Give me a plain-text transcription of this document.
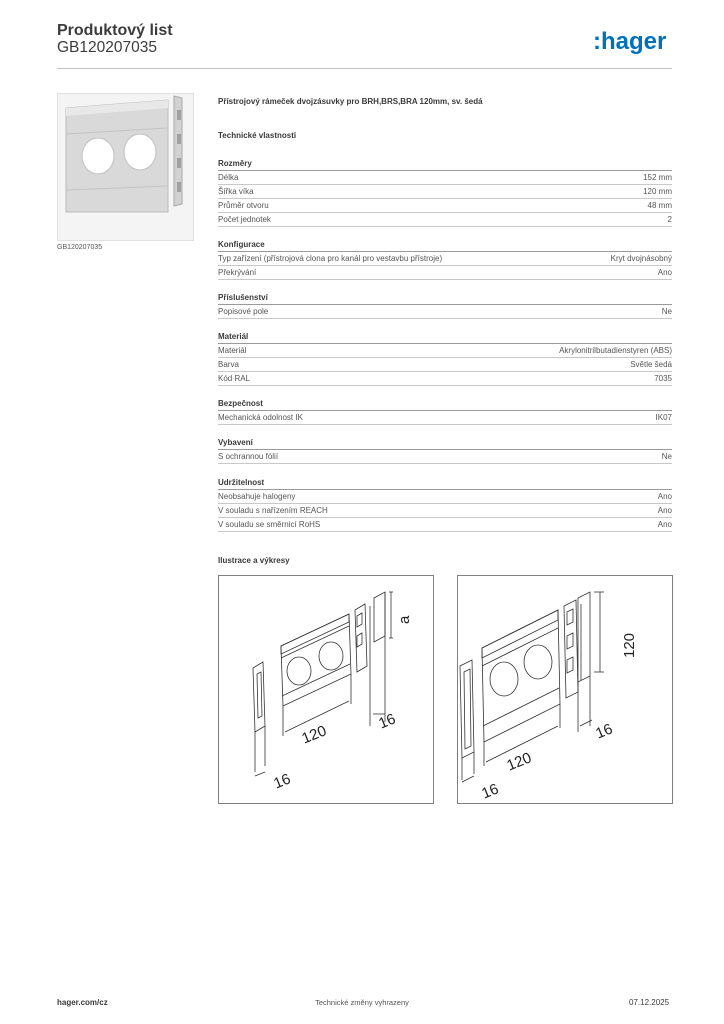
Produktový list
GB120207035	:hager
GB120207035
Přístrojový rámeček dvojzásuvky pro BRH,BRS,BRA 120mm, sv. šedá
Technické vlastnosti
Rozměry
Délka	152 mm
Šířka víka	120 mm
Průměr otvoru	48 mm
Počet jednotek	2
Konfigurace
Typ zařízení (přístrojová clona pro kanál pro vestavbu přístroje)	Kryt dvojnásobný
Překrývání	Ano
Příslušenství
Popisové pole	Ne
Materiál
Materiál	Akrylonitrilbutadienstyren (ABS)
Barva	Světle šedá
Kód RAL	7035
Bezpečnost
Mechanická odolnost IK	IK07
Vybavení
S ochrannou fólií	Ne
Udržitelnost
Neobsahuje halogeny	Ano
V souladu s nařízením REACH	Ano
V souladu se směrnicí RoHS	Ano
Ilustrace a výkresy
120
16
16
a
120
16
16
120
hager.com/cz	Technické změny vyhrazeny	07.12.2025
